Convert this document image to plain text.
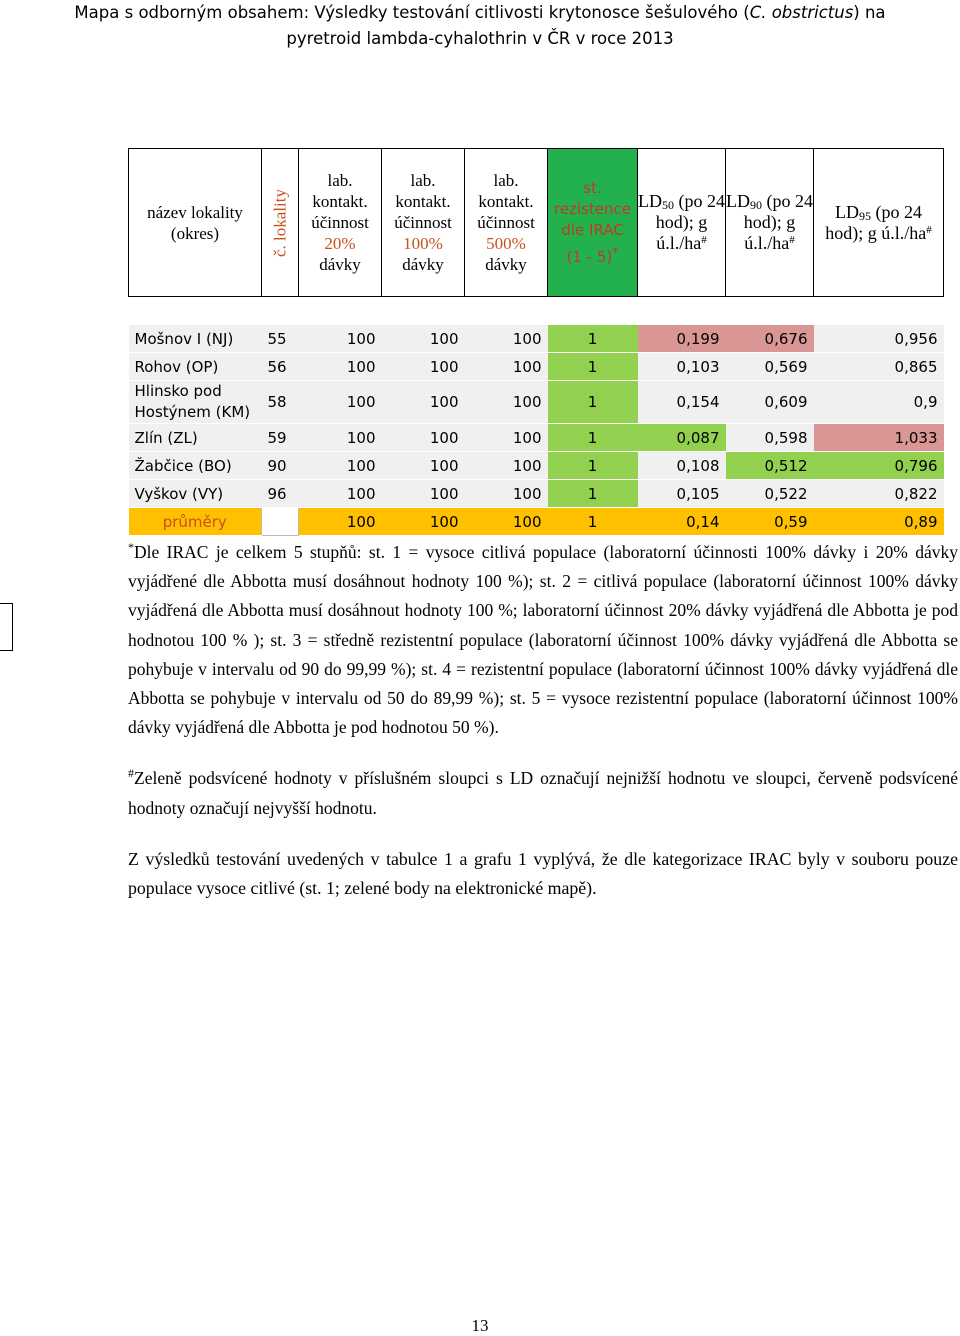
Mapa s odborným obsahem: Výsledky testování citlivosti krytonosce šešulového (C. obstrictus) na
pyretroid lambda-cyhalothrin v ČR v roce 2013
název lokality (okres)	č. lokality	lab. kontakt. účinnost
20%
dávky	lab. kontakt. účinnost
100%
dávky	lab. kontakt. účinnost
500%
dávky	st. rezistence dle IRAC
(1 - 5)*	$LD_{50}$ (po 24 hod); g ú.l./ha#	$LD_{90}$ (po 24 hod); g ú.l./ha#	$LD_{95}$ (po 24 hod); g ú.l./ha#

Mošnov I (NJ)	55	100	100	100	1	0,199	0,676	0,956
Rohov (OP)	56	100	100	100	1	0,103	0,569	0,865
Hlinsko pod Hostýnem (KM)	58	100	100	100	1	0,154	0,609	0,9
Zlín (ZL)	59	100	100	100	1	0,087	0,598	1,033
Žabčice (BO)	90	100	100	100	1	0,108	0,512	0,796
Vyškov (VY)	96	100	100	100	1	0,105	0,522	0,822
průměry		100	100	100	1	0,14	0,59	0,89

*Dle IRAC je celkem 5 stupňů: st. 1 = vysoce citlivá populace (laboratorní účinnosti 100% dávky i 20% dávky vyjádřené dle Abbotta musí dosáhnout hodnoty 100 %); st. 2 = citlivá populace (laboratorní účinnost 100% dávky vyjádřená dle Abbotta musí dosáhnout hodnoty 100 %; laboratorní účinnost 20% dávky vyjádřená dle Abbotta je pod hodnotou 100 % ); st. 3 = středně rezistentní populace (laboratorní účinnost 100% dávky vyjádřená dle Abbotta se pohybuje v intervalu od 90 do 99,99 %); st. 4 = rezistentní populace (laboratorní účinnost 100% dávky vyjádřená dle Abbotta se pohybuje v intervalu od 50 do 89,99 %); st. 5 = vysoce rezistentní populace (laboratorní účinnost 100% dávky vyjádřená dle Abbotta je pod hodnotou 50 %).

#Zeleně podsvícené hodnoty v příslušném sloupci s LD označují nejnižší hodnotu ve sloupci, červeně podsvícené hodnoty označují nejvyšší hodnotu.

Z výsledků testování uvedených v tabulce 1 a grafu 1 vyplývá, že dle kategorizace IRAC byly v souboru pouze populace vysoce citlivé (st. 1; zelené body na elektronické mapě).

13
